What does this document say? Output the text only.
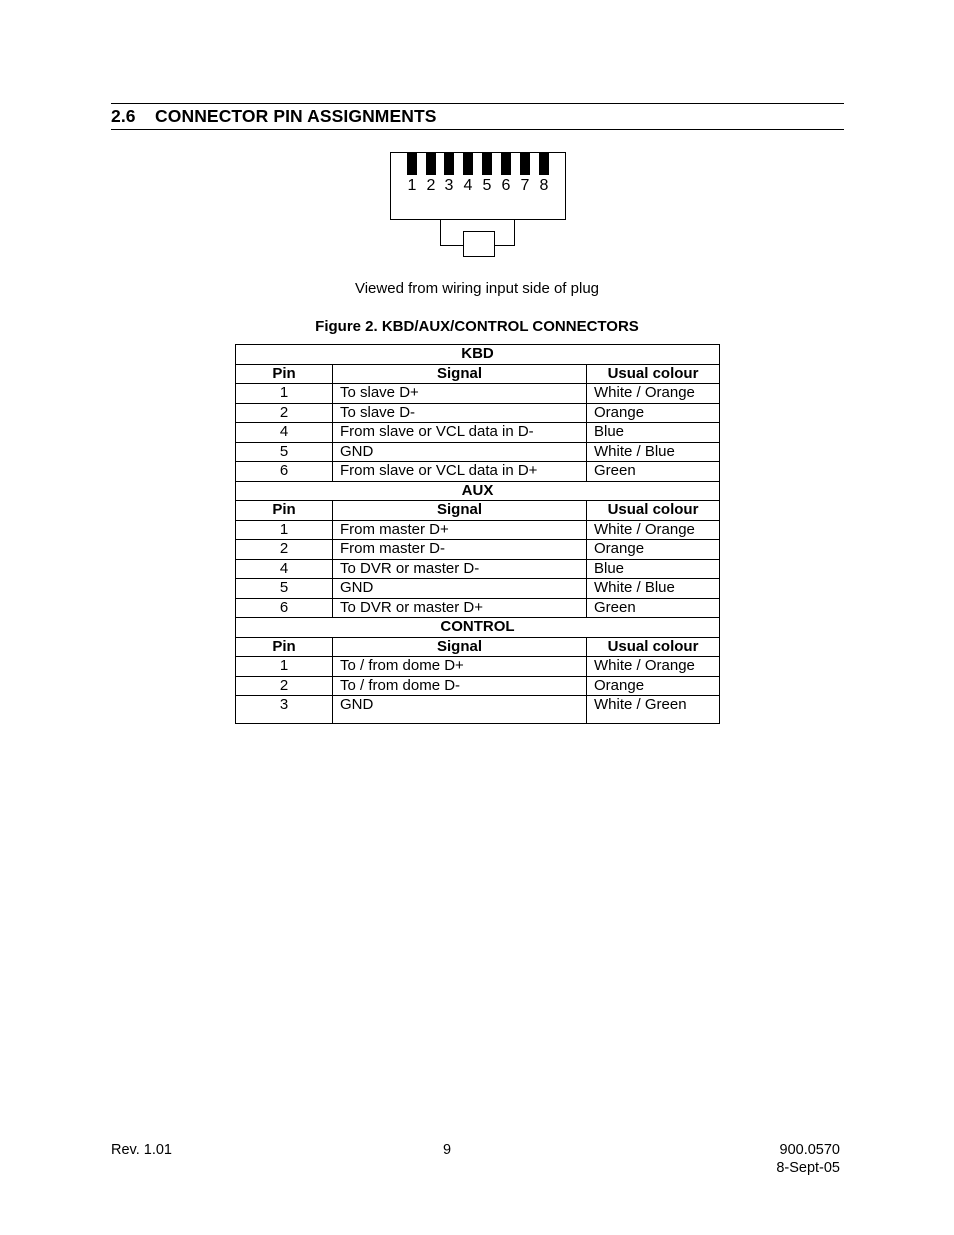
2.6 CONNECTOR PIN ASSIGNMENTS
1 2 3 4 5 6 7 8
Viewed from wiring input side of plug
Figure 2. KBD/AUX/CONTROL CONNECTORS
KBD		
Pin	Signal	Usual colour
1	To slave D+	White / Orange
2	To slave D-	Orange
4	From slave or VCL data in D-	Blue
5	GND	White / Blue
6	From slave or VCL data in D+	Green
AUX		
Pin	Signal	Usual colour
1	From master D+	White / Orange
2	From master D-	Orange
4	To DVR or master D-	Blue
5	GND	White / Blue
6	To DVR or master D+	Green
CONTROL		
Pin	Signal	Usual colour
1	To / from dome D+	White / Orange
2	To / from dome D-	Orange
3	GND	White / Green
Rev. 1.01	9	900.0570
8-Sept-05
